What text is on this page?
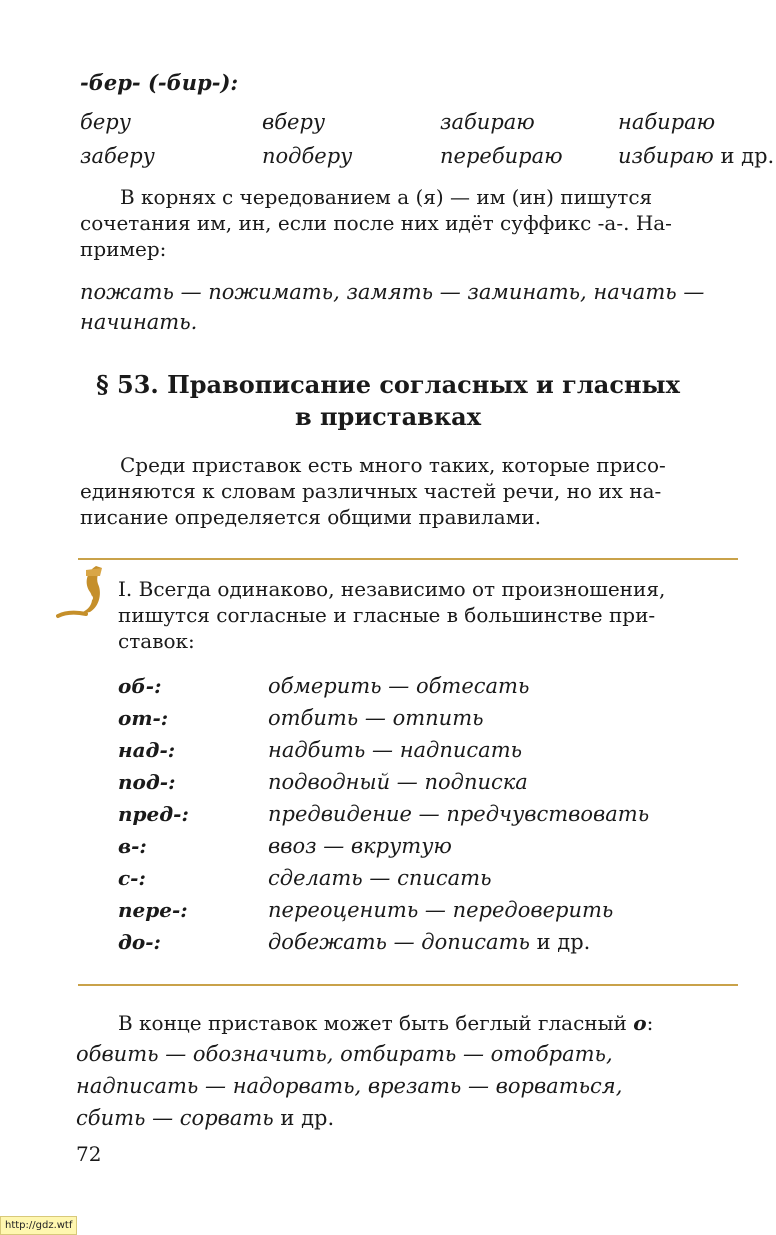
-бер- (-бир-):
беру	вберу	забираю	набираю
заберу	подберу	перебираю	избираю и др.
В корнях с чередованием а (я) — им (ин) пишутся
сочетания им, ин, если после них идёт суффикс -а-. На-
пример:
пожать — пожимать, замять — заминать, начать —
начинать.
§ 53. Правописание согласных и гласных
в приставках
Среди приставок есть много таких, которые присо-
единяются к словам различных частей речи, но их на-
писание определяется общими правилами.
I. Всегда одинаково, независимо от произношения,
пишутся согласные и гласные в большинстве при-
ставок:
об-:	обмерить — обтесать
от-:	отбить — отпить
над-:	надбить — надписать
под-:	подводный — подписка
пред-:	предвидение — предчувствовать
в-:	ввоз — вкрутую
с-:	сделать — списать
пере-:	переоценить — передоверить
до-:	добежать — дописать и др.
В конце приставок может быть беглый гласный о:
обвить — обозначить, отбирать — отобрать,
надписать — надорвать, врезать — ворваться,
сбить — сорвать и др.
72
http://gdz.wtf
